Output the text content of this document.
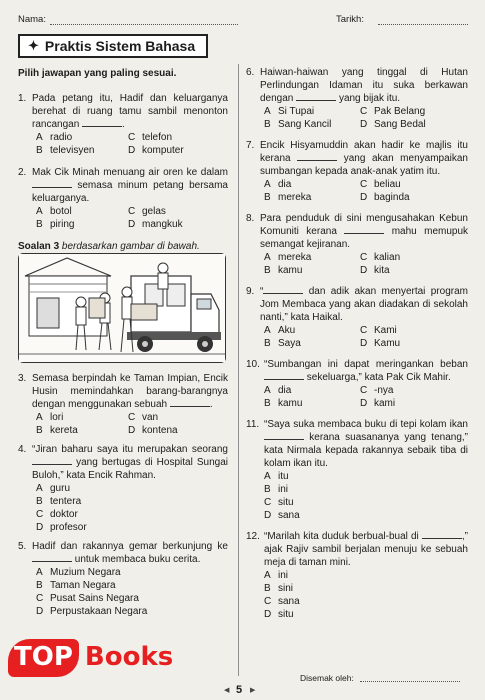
Nama:	Tarikh:
✦ Praktis Sistem Bahasa
Pilih jawapan yang paling sesuai.
1. Pada petang itu, Hadif dan keluarganya berehat di ruang tamu sambil menonton rancangan	.
A radio	C telefon
B televisyen	D komputer
2. Mak Cik Minah menuang air oren ke dalam  semasa minum petang bersama keluarganya.
A botol	C gelas
B piring	D mangkuk
Soalan 3 berdasarkan gambar di bawah.
3. Semasa berpindah ke Taman Impian, Encik Husin memindahkan barang-barangnya dengan menggunakan sebuah	.
A lori	C van
B kereta	D kontena
4. “Jiran baharu saya itu merupakan seorang  yang bertugas di Hospital Sungai Buloh,” kata Encik Rahman.
A guru
B tentera
C doktor
D profesor
5. Hadif dan rakannya gemar berkunjung ke  untuk membaca buku cerita.
A Muzium Negara
B Taman Negara
C Pusat Sains Negara
D Perpustakaan Negara
6. Haiwan-haiwan yang tinggal di Hutan Perlindungan Idaman itu suka berkawan dengan	yang bijak itu.
A Si Tupai	C Pak Belang
B Sang Kancil	D Sang Bedal
7. Encik Hisyamuddin akan hadir ke majlis itu kerana	yang akan menyampaikan sumbangan kepada anak-anak yatim itu.
A dia	C beliau
B mereka	D baginda
8. Para penduduk di sini mengusahakan Kebun Komuniti kerana	mahu memupuk semangat kejiranan.
A mereka	C kalian
B kamu	D kita
9. “	dan adik akan menyertai program Jom Membaca yang akan diadakan di sekolah nanti,” kata Haikal.
A Aku	C Kami
B Saya	D Kamu
10. “Sumbangan ini dapat meringankan beban  sekeluarga,” kata Pak Cik Mahir.
A dia	C -nya
B kamu	D kami
11. “Saya suka membaca buku di tepi kolam ikan  kerana suasananya yang tenang,” kata Nirmala kepada rakannya sebaik tiba di kolam ikan itu.
A itu
B ini
C situ
D sana
12. “Marilah kita duduk berbual-bual di	,” ajak Rajiv sambil berjalan menuju ke sebuah meja di taman mini.
A ini
B sini
C sana
D situ
TOP Books
◀ 5 ▶
Disemak oleh:
